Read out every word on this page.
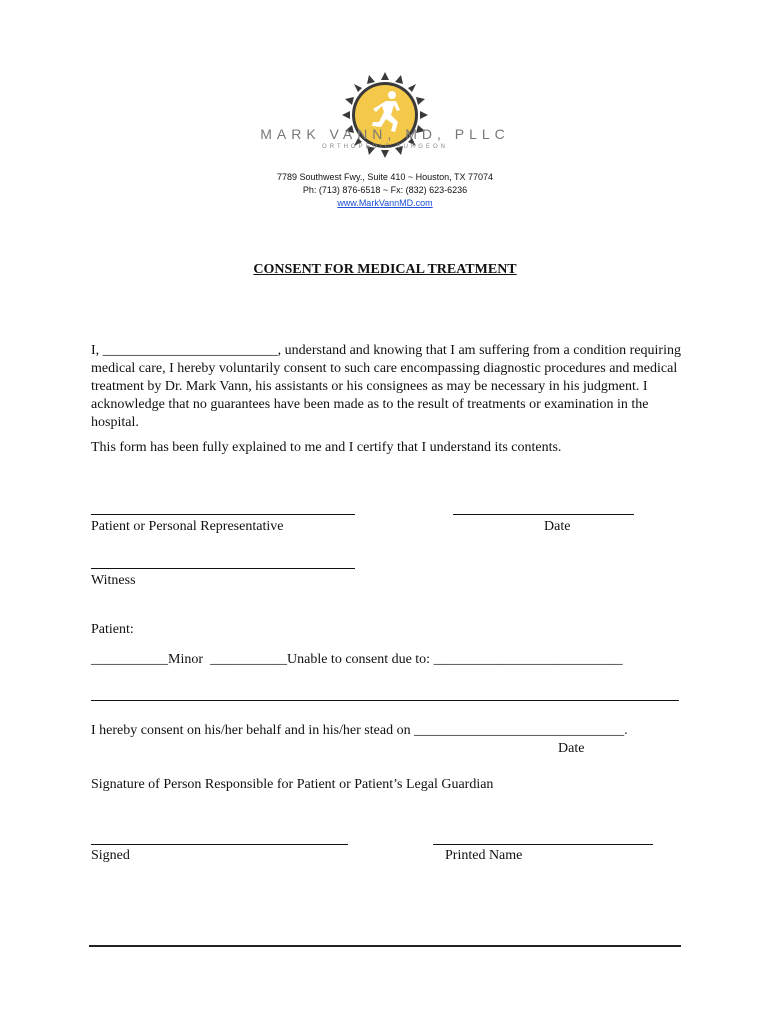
MARK VANN, MD, PLLC
ORTHOPEDIC SURGEON
7789 Southwest Fwy., Suite 410 ~ Houston, TX 77074
Ph: (713) 876-6518 ~ Fx: (832) 623-6236
www.MarkVannMD.com
CONSENT FOR MEDICAL TREATMENT

I, _________________________, understand and knowing that I am suffering from a condition requiring medical care, I hereby voluntarily consent to such care encompassing diagnostic procedures and medical treatment by Dr. Mark Vann, his assistants or his consignees as may be necessary in his judgment. I acknowledge that no guarantees have been made as to the result of treatments or examination in the hospital.

This form has been fully explained to me and I certify that I understand its contents.
Patient or Personal Representative	Date
Witness
Patient:
___________Minor  ___________Unable to consent due to: ___________________________
I hereby consent on his/her behalf and in his/her stead on ______________________________.
Date
Signature of Person Responsible for Patient or Patient’s Legal Guardian
Signed	Printed Name
